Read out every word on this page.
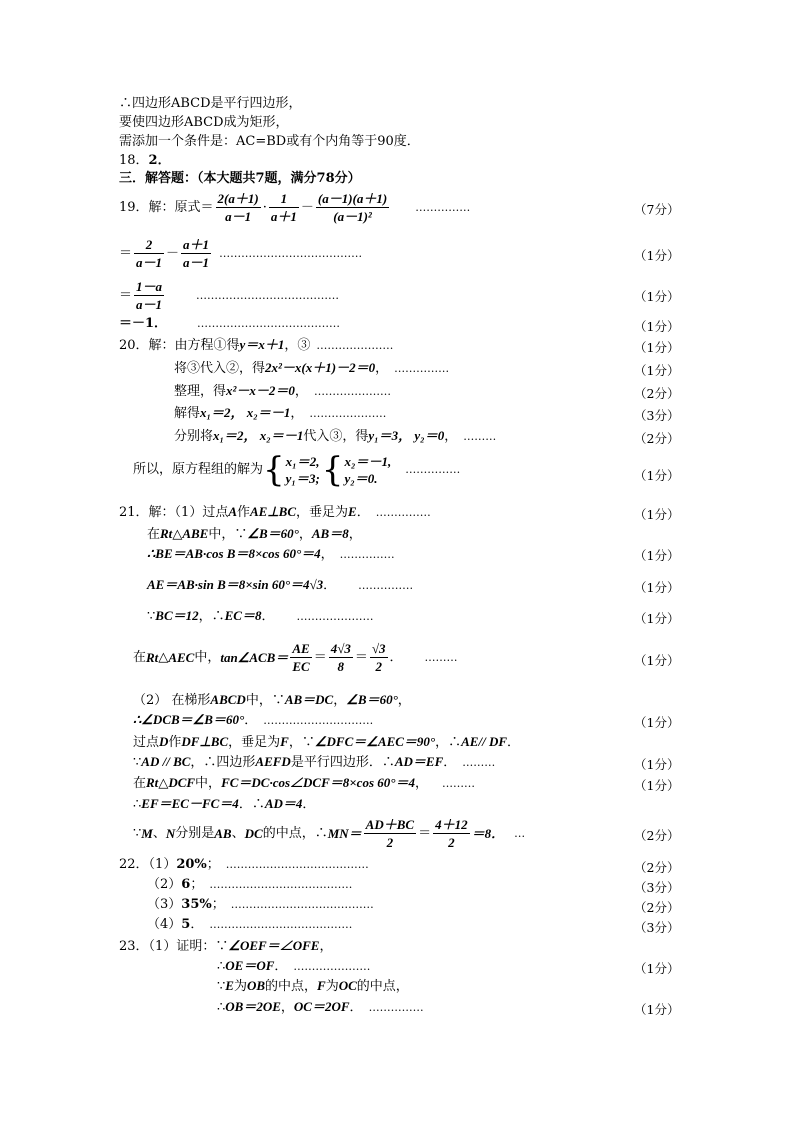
∴四边形ABCD是平行四边形，
要使四边形ABCD成为矩形，
需添加一个条件是：AC=BD或有个内角等于90度．
18．2．
三．解答题：（本大题共7题，满分78分）
19．解：原式＝ $\frac{2(a+1)}{a-1} \cdot \frac{1}{a+1} - \frac{(a-1)(a+1)}{\text{(a－1)²}}$ ……………	（7分）
＝ $\frac{2}{a-1} - \frac{a+1}{a-1}$ …………………………………	（1分）
＝ $\frac{1-a}{a-1}$	…………………………………	（1分）
＝－1．	…………………………………	（1分）
20．解：由方程①得y＝x＋1，③ …………………	（1分）
将③代入②，得2x²－x(x＋1)－2＝0， ……………	（1分）
整理，得x²－x－2＝0， …………………	（2分）
解得x₁＝2， x₂＝－1， …………………	（3分）
分别将x₁＝2， x₂＝－1代入③，得y₁＝3， y₂＝0， ………	（2分）
所以，原方程组的解为 { x₁＝2,
y₁＝3; { x₂＝－1,
y₂＝0.
……………	（1分）
21．解：（1）过点A作AE⊥BC，垂足为E． ……………	（1分）
在Rt△ABE中，∵∠B＝60°，AB＝8，
∴BE＝AB·cos B＝8×cos 60°＝4， ……………	（1分）
AE＝AB·sin B＝8×sin 60°＝4√3． ……………	（1分）
∵BC＝12，∴EC＝8． …………………	（1分）
在 Rt △ AEC 中， tan∠ACB＝ $\frac{AE}{EC} = \frac{4√3}{8} = \frac{√3}{2}$ ． ………	（1分）
（2） 在梯形ABCD中，∵AB＝DC，∠B＝60°，
∴∠DCB＝∠B＝60°． …………………………	（1分）
过点D作DF⊥BC，垂足为F，∵∠DFC＝∠AEC＝90°，∴AE// DF．
∵AD // BC，∴四边形AEFD是平行四边形．∴AD＝EF． ………	（1分）
在Rt△DCF中，FC＝DC·cos∠DCF＝8×cos 60°＝4， ………	（1分）
∴EF＝EC－FC＝4．∴AD＝4．
∵ M 、 N 分别是 AB 、 DC 的中点，∴ $MN= \frac{AD+BC}{2} = \frac{4+12}{2} =8$． …	（2分）
22．（1）20%； …………………………………	（2分）
（2）6； …………………………………	（3分）
（3）35%； …………………………………	（2分）
（4）5． …………………………………	（3分）
23．（1）证明：∵∠OEF＝∠OFE，
∴OE＝OF． …………………	（1分）
∵E为OB的中点，F为OC的中点，
∴OB＝2OE，OC＝2OF． ……………	（1分）
